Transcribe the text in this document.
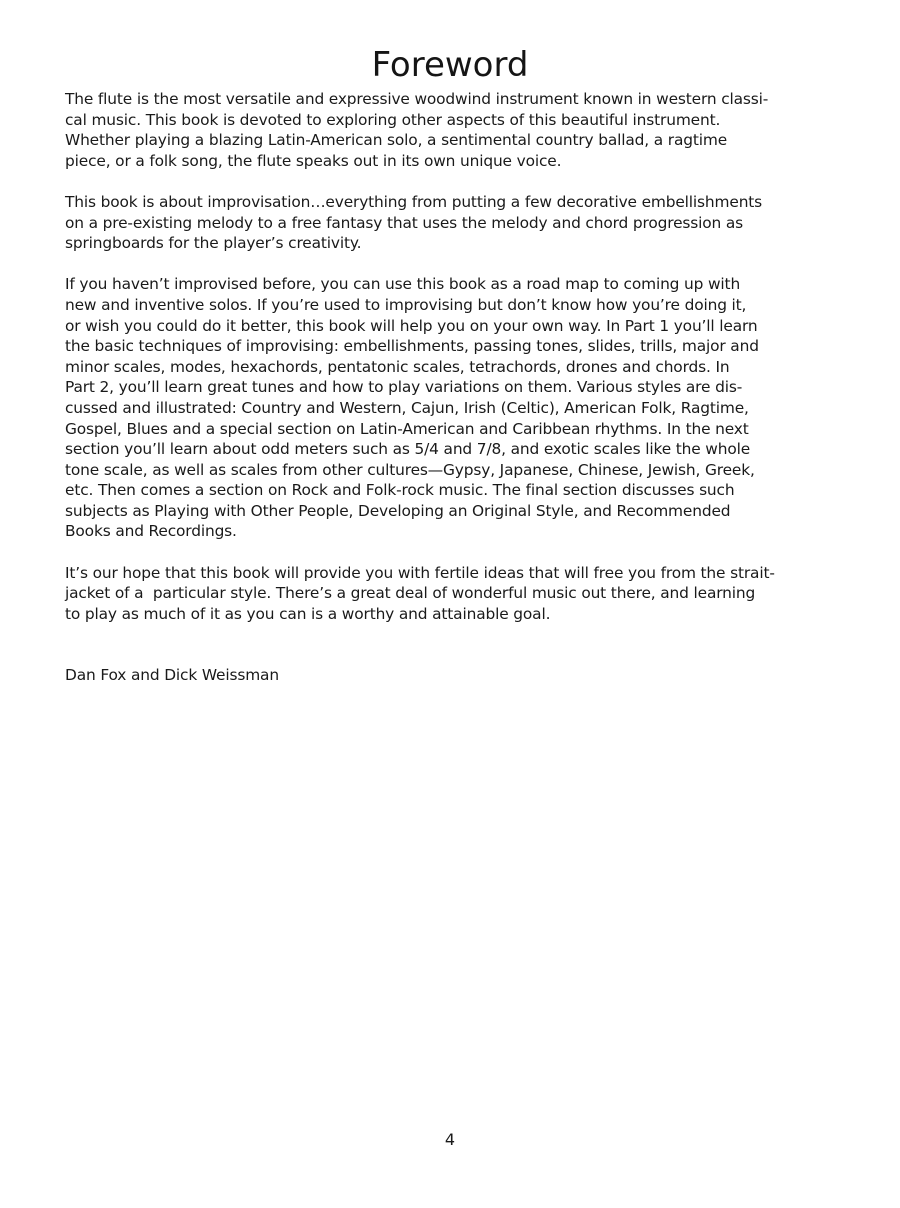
Foreword

The flute is the most versatile and expressive woodwind instrument known in western classi-
cal music. This book is devoted to exploring other aspects of this beautiful instrument.
Whether playing a blazing Latin-American solo, a sentimental country ballad, a ragtime
piece, or a folk song, the flute speaks out in its own unique voice.

This book is about improvisation…everything from putting a few decorative embellishments
on a pre-existing melody to a free fantasy that uses the melody and chord progression as
springboards for the player’s creativity.

If you haven’t improvised before, you can use this book as a road map to coming up with
new and inventive solos. If you’re used to improvising but don’t know how you’re doing it,
or wish you could do it better, this book will help you on your own way. In Part 1 you’ll learn
the basic techniques of improvising: embellishments, passing tones, slides, trills, major and
minor scales, modes, hexachords, pentatonic scales, tetrachords, drones and chords. In
Part 2, you’ll learn great tunes and how to play variations on them. Various styles are dis-
cussed and illustrated: Country and Western, Cajun, Irish (Celtic), American Folk, Ragtime,
Gospel, Blues and a special section on Latin-American and Caribbean rhythms. In the next
section you’ll learn about odd meters such as 5/4 and 7/8, and exotic scales like the whole
tone scale, as well as scales from other cultures—Gypsy, Japanese, Chinese, Jewish, Greek,
etc. Then comes a section on Rock and Folk-rock music. The final section discusses such
subjects as Playing with Other People, Developing an Original Style, and Recommended
Books and Recordings.

It’s our hope that this book will provide you with fertile ideas that will free you from the strait-
jacket of a  particular style. There’s a great deal of wonderful music out there, and learning
to play as much of it as you can is a worthy and attainable goal.

Dan Fox and Dick Weissman
4
